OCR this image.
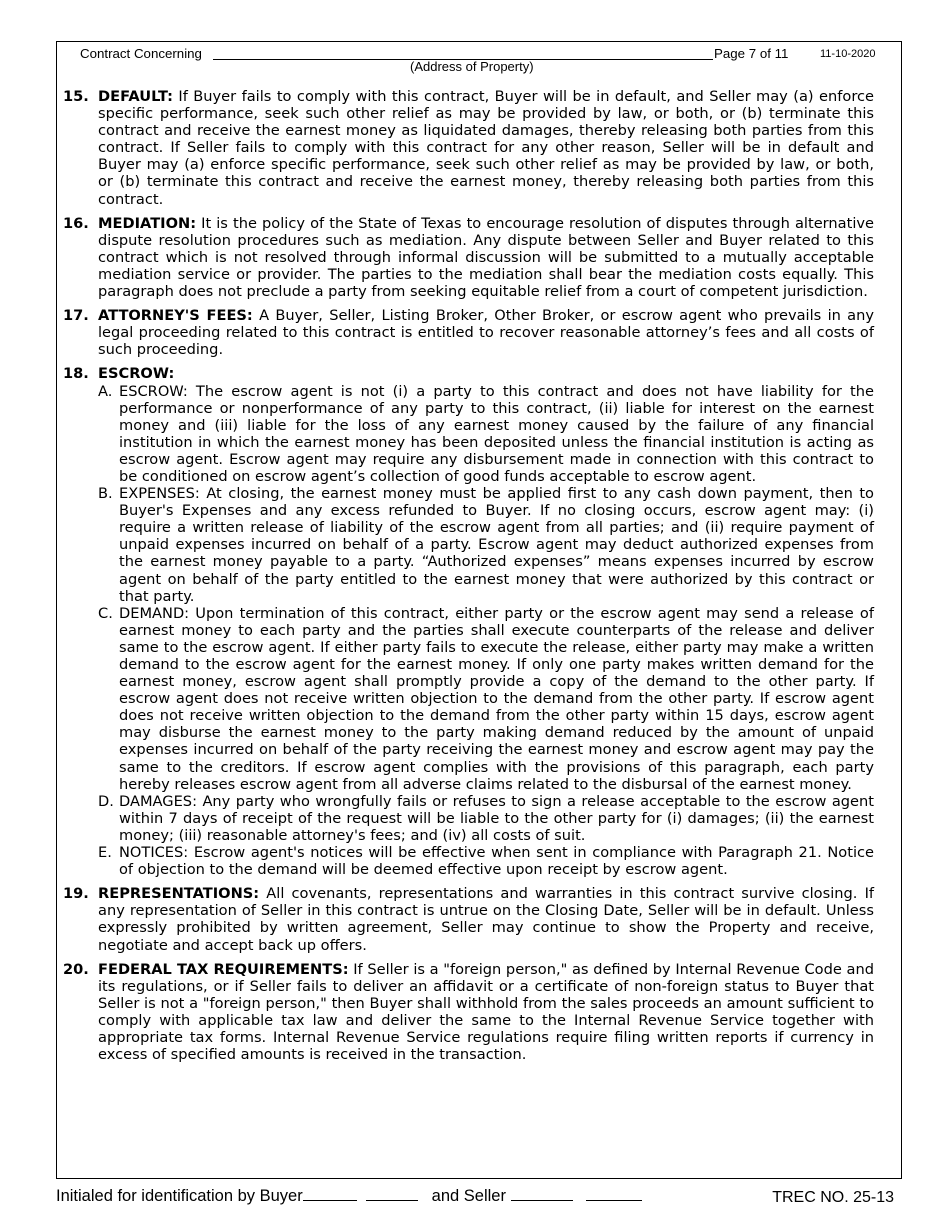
Contract Concerning	Page 7 of 11	11-10-2020
(Address of Property)
15. DEFAULT: If Buyer fails to comply with this contract, Buyer will be in default, and Seller may (a) enforce specific performance, seek such other relief as may be provided by law, or both, or (b) terminate this contract and receive the earnest money as liquidated damages, thereby releasing both parties from this contract. If Seller fails to comply with this contract for any other reason, Seller will be in default and Buyer may (a) enforce specific performance, seek such other relief as may be provided by law, or both, or (b) terminate this contract and receive the earnest money, thereby releasing both parties from this contract.
16. MEDIATION: It is the policy of the State of Texas to encourage resolution of disputes through alternative dispute resolution procedures such as mediation. Any dispute between Seller and Buyer related to this contract which is not resolved through informal discussion will be submitted to a mutually acceptable mediation service or provider. The parties to the mediation shall bear the mediation costs equally. This paragraph does not preclude a party from seeking equitable relief from a court of competent jurisdiction.
17. ATTORNEY'S FEES: A Buyer, Seller, Listing Broker, Other Broker, or escrow agent who prevails in any legal proceeding related to this contract is entitled to recover reasonable attorney’s fees and all costs of such proceeding.
18. ESCROW:
A. ESCROW: The escrow agent is not (i) a party to this contract and does not have liability for the performance or nonperformance of any party to this contract, (ii) liable for interest on the earnest money and (iii) liable for the loss of any earnest money caused by the failure of any financial institution in which the earnest money has been deposited unless the financial institution is acting as escrow agent. Escrow agent may require any disbursement made in connection with this contract to be conditioned on escrow agent’s collection of good funds acceptable to escrow agent.
B. EXPENSES: At closing, the earnest money must be applied first to any cash down payment, then to Buyer's Expenses and any excess refunded to Buyer. If no closing occurs, escrow agent may: (i) require a written release of liability of the escrow agent from all parties; and (ii) require payment of unpaid expenses incurred on behalf of a party. Escrow agent may deduct authorized expenses from the earnest money payable to a party. “Authorized expenses” means expenses incurred by escrow agent on behalf of the party entitled to the earnest money that were authorized by this contract or that party.
C. DEMAND: Upon termination of this contract, either party or the escrow agent may send a release of earnest money to each party and the parties shall execute counterparts of the release and deliver same to the escrow agent. If either party fails to execute the release, either party may make a written demand to the escrow agent for the earnest money. If only one party makes written demand for the earnest money, escrow agent shall promptly provide a copy of the demand to the other party. If escrow agent does not receive written objection to the demand from the other party. If escrow agent does not receive written objection to the demand from the other party within 15 days, escrow agent may disburse the earnest money to the party making demand reduced by the amount of unpaid expenses incurred on behalf of the party receiving the earnest money and escrow agent may pay the same to the creditors. If escrow agent complies with the provisions of this paragraph, each party hereby releases escrow agent from all adverse claims related to the disbursal of the earnest money.
D. DAMAGES: Any party who wrongfully fails or refuses to sign a release acceptable to the escrow agent within 7 days of receipt of the request will be liable to the other party for (i) damages; (ii) the earnest money; (iii) reasonable attorney's fees; and (iv) all costs of suit.
E. NOTICES: Escrow agent's notices will be effective when sent in compliance with Paragraph 21. Notice of objection to the demand will be deemed effective upon receipt by escrow agent.
19. REPRESENTATIONS: All covenants, representations and warranties in this contract survive closing. If any representation of Seller in this contract is untrue on the Closing Date, Seller will be in default. Unless expressly prohibited by written agreement, Seller may continue to show the Property and receive, negotiate and accept back up offers.
20. FEDERAL TAX REQUIREMENTS: If Seller is a "foreign person," as defined by Internal Revenue Code and its regulations, or if Seller fails to deliver an affidavit or a certificate of non-foreign status to Buyer that Seller is not a "foreign person," then Buyer shall withhold from the sales proceeds an amount sufficient to comply with applicable tax law and deliver the same to the Internal Revenue Service together with appropriate tax forms. Internal Revenue Service regulations require filing written reports if currency in excess of specified amounts is received in the transaction.
Initialed for identification by Buyer	and Seller	TREC NO. 25-13
